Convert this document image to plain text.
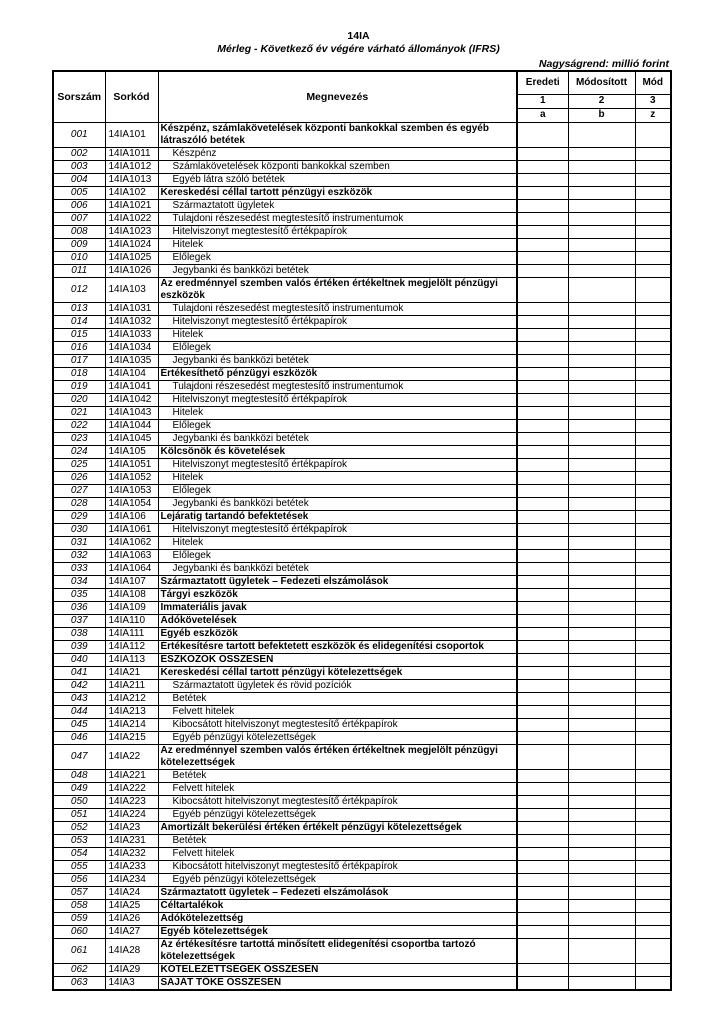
14IA
Mérleg - Következő év végére várható állományok (IFRS)
Nagyságrend: millió forint
Sorszám	Sorkód	Megnevezés	Eredeti	Módosított	Mód
			1	2	3
			a	b	z
001	14IA101	Készpénz, számlakövetelések központi bankokkal szemben és egyéb látraszóló betétek			
002	14IA1011	Készpénz			
003	14IA1012	Számlakövetelések központi bankokkal szemben			
004	14IA1013	Egyéb látra szóló betétek			
005	14IA102	Kereskedési céllal tartott pénzügyi eszközök			
006	14IA1021	Származtatott ügyletek			
007	14IA1022	Tulajdoni részesedést megtestesítő instrumentumok			
008	14IA1023	Hitelviszonyt megtestesítő értékpapírok			
009	14IA1024	Hitelek			
010	14IA1025	Előlegek			
011	14IA1026	Jegybanki és bankközi betétek			
012	14IA103	Az eredménnyel szemben valós értéken értékeltnek megjelölt pénzügyi eszközök			
013	14IA1031	Tulajdoni részesedést megtestesítő instrumentumok			
014	14IA1032	Hitelviszonyt megtestesítő értékpapírok			
015	14IA1033	Hitelek			
016	14IA1034	Előlegek			
017	14IA1035	Jegybanki és bankközi betétek			
018	14IA104	Értékesíthető pénzügyi eszközök			
019	14IA1041	Tulajdoni részesedést megtestesítő instrumentumok			
020	14IA1042	Hitelviszonyt megtestesítő értékpapírok			
021	14IA1043	Hitelek			
022	14IA1044	Előlegek			
023	14IA1045	Jegybanki és bankközi betétek			
024	14IA105	Kölcsönök és követelések			
025	14IA1051	Hitelviszonyt megtestesítő értékpapírok			
026	14IA1052	Hitelek			
027	14IA1053	Előlegek			
028	14IA1054	Jegybanki és bankközi betétek			
029	14IA106	Lejáratig tartandó befektetések			
030	14IA1061	Hitelviszonyt megtestesítő értékpapírok			
031	14IA1062	Hitelek			
032	14IA1063	Előlegek			
033	14IA1064	Jegybanki és bankközi betétek			
034	14IA107	Származtatott ügyletek – Fedezeti elszámolások			
035	14IA108	Tárgyi eszközök			
036	14IA109	Immateriális javak			
037	14IA110	Adókövetelések			
038	14IA111	Egyéb eszközök			
039	14IA112	Értékesítésre tartott befektetett eszközök és elidegenítési csoportok			
040	14IA113	ESZKÖZÖK ÖSSZESEN			
041	14IA21	Kereskedési céllal tartott pénzügyi kötelezettségek			
042	14IA211	Származtatott ügyletek és rövid pozíciók			
043	14IA212	Betétek			
044	14IA213	Felvett hitelek			
045	14IA214	Kibocsátott hitelviszonyt megtestesítő értékpapírok			
046	14IA215	Egyéb pénzügyi kötelezettségek			
047	14IA22	Az eredménnyel szemben valós értéken értékeltnek megjelölt pénzügyi kötelezettségek			
048	14IA221	Betétek			
049	14IA222	Felvett hitelek			
050	14IA223	Kibocsátott hitelviszonyt megtestesítő értékpapírok			
051	14IA224	Egyéb pénzügyi kötelezettségek			
052	14IA23	Amortizált bekerülési értéken értékelt pénzügyi kötelezettségek			
053	14IA231	Betétek			
054	14IA232	Felvett hitelek			
055	14IA233	Kibocsátott hitelviszonyt megtestesítő értékpapírok			
056	14IA234	Egyéb pénzügyi kötelezettségek			
057	14IA24	Származtatott ügyletek – Fedezeti elszámolások			
058	14IA25	Céltartalékok			
059	14IA26	Adókötelezettség			
060	14IA27	Egyéb kötelezettségek			
061	14IA28	Az értékesítésre tartottá minősített elidegenítési csoportba tartozó kötelezettségek			
062	14IA29	KÖTELEZETTSÉGEK ÖSSZESEN			
063	14IA3	SAJÁT TŐKE ÖSSZESEN			
